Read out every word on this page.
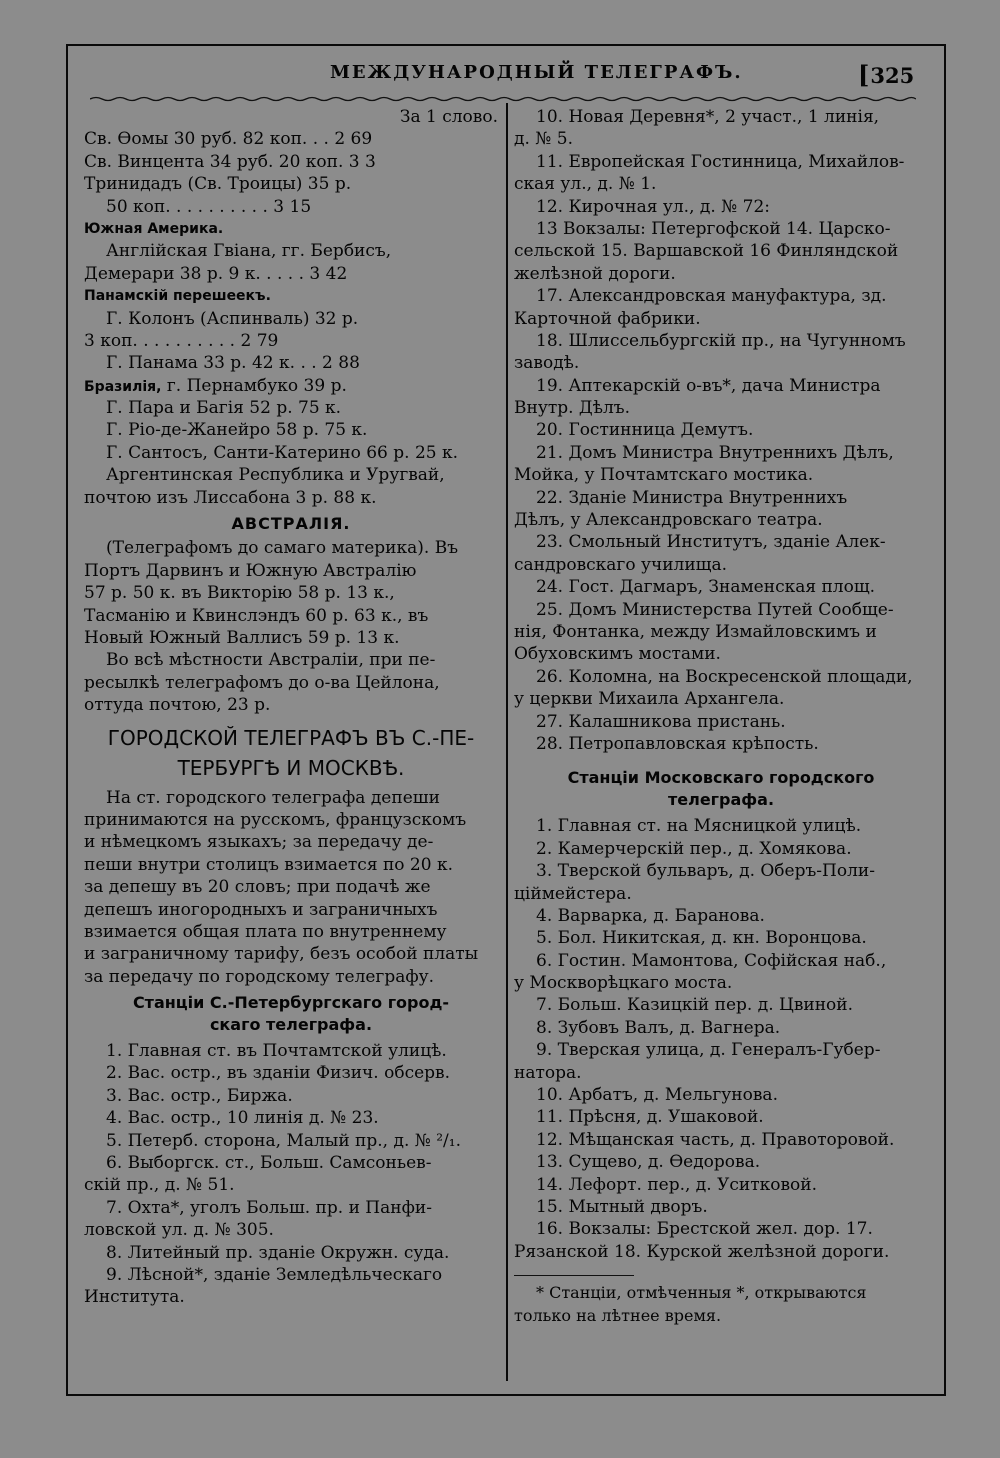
МЕЖДУНАРОДНЫЙ ТЕЛЕГРАФЪ.	[325
За 1 слово.
Св. Ѳомы 30 руб. 82 коп. . . 2 69
Св. Винцента 34 руб. 20 коп. 3 3
Тринидадъ (Св. Троицы) 35 р.
50 коп. . . . . . . . . . 3 15
Южная Америка.
Англійская Гвіана, гг. Бербисъ,
Демерари 38 р. 9 к. . . . . 3 42
Панамскій перешеекъ.
Г. Колонъ (Аспинваль) 32 р.
3 коп. . . . . . . . . . 2 79
Г. Панама 33 р. 42 к. . . 2 88
Бразилія, г. Пернамбуко 39 р.
Г. Пара и Багія 52 р. 75 к.
Г. Ріо-де-Жанейро 58 р. 75 к.
Г. Сантосъ, Санти-Катерино 66 р. 25 к.
Аргентинская Республика и Уругвай,
почтою изъ Лиссабона 3 р. 88 к.
АВСТРАЛІЯ.
(Телеграфомъ до самаго материка). Въ
Портъ Дарвинъ и Южную Австралію
57 р. 50 к. въ Викторію 58 р. 13 к.,
Тасманію и Квинслэндъ 60 р. 63 к., въ
Новый Южный Валлисъ 59 р. 13 к.
Во всѣ мѣстности Австраліи, при пе-
ресылкѣ телеграфомъ до о-ва Цейлона,
оттуда почтою, 23 р.
ГОРОДСКОЙ ТЕЛЕГРАФЪ ВЪ С.-ПЕ-
ТЕРБУРГѢ И МОСКВѢ.
На ст. городского телеграфа депеши
принимаются на русскомъ, французскомъ
и нѣмецкомъ языкахъ; за передачу де-
пеши внутри столицъ взимается по 20 к.
за депешу въ 20 словъ; при подачѣ же
депешъ иногородныхъ и заграничныхъ
взимается общая плата по внутреннему
и заграничному тарифу, безъ особой платы
за передачу по городскому телеграфу.
Станціи С.-Петербургскаго город-
скаго телеграфа.
1. Главная ст. въ Почтамтской улицѣ.
2. Вас. остр., въ зданіи Физич. обсерв.
3. Вас. остр., Биржа.
4. Вас. остр., 10 линія д. № 23.
5. Петерб. сторона, Малый пр., д. № ²/₁.
6. Выборгск. ст., Больш. Самсоньев-
скій пр., д. № 51.
7. Охта*, уголъ Больш. пр. и Панфи-
ловской ул. д. № 305.
8. Литейный пр. зданіе Окружн. суда.
9. Лѣсной*, зданіе Земледѣльческаго
Института.
10. Новая Деревня*, 2 участ., 1 линія,
д. № 5.
11. Европейская Гостинница, Михайлов-
ская ул., д. № 1.
12. Кирочная ул., д. № 72:
13 Вокзалы: Петергофской 14. Царско-
сельской 15. Варшавской 16 Финляндской
желѣзной дороги.
17. Александровская мануфактура, зд.
Карточной фабрики.
18. Шлиссельбургскій пр., на Чугунномъ
заводѣ.
19. Аптекарскій о-въ*, дача Министра
Внутр. Дѣлъ.
20. Гостинница Демутъ.
21. Домъ Министра Внутреннихъ Дѣлъ,
Мойка, у Почтамтскаго мостика.
22. Зданіе Министра Внутреннихъ
Дѣлъ, у Александровскаго театра.
23. Смольный Институтъ, зданіе Алек-
сандровскаго училища.
24. Гост. Дагмаръ, Знаменская площ.
25. Домъ Министерства Путей Сообще-
нія, Фонтанка, между Измайловскимъ и
Обуховскимъ мостами.
26. Коломна, на Воскресенской площади,
у церкви Михаила Архангела.
27. Калашникова пристань.
28. Петропавловская крѣпость.
Станціи Московскаго городского
телеграфа.
1. Главная ст. на Мясницкой улицѣ.
2. Камерчерскій пер., д. Хомякова.
3. Тверской бульваръ, д. Оберъ-Поли-
цiймейстера.
4. Варварка, д. Баранова.
5. Бол. Никитская, д. кн. Воронцова.
6. Гостин. Мамонтова, Софійская наб.,
у Москворѣцкаго моста.
7. Больш. Казицкій пер. д. Цвиной.
8. Зубовъ Валъ, д. Вагнера.
9. Тверская улица, д. Генералъ-Губер-
натора.
10. Арбатъ, д. Мельгунова.
11. Прѣсня, д. Ушаковой.
12. Мѣщанская часть, д. Правоторовой.
13. Сущево, д. Ѳедорова.
14. Лефорт. пер., д. Уситковой.
15. Мытный дворъ.
16. Вокзалы: Брестской жел. дор. 17.
Рязанской 18. Курской желѣзной дороги.
* Станціи, отмѣченныя *, открываются
только на лѣтнее время.
